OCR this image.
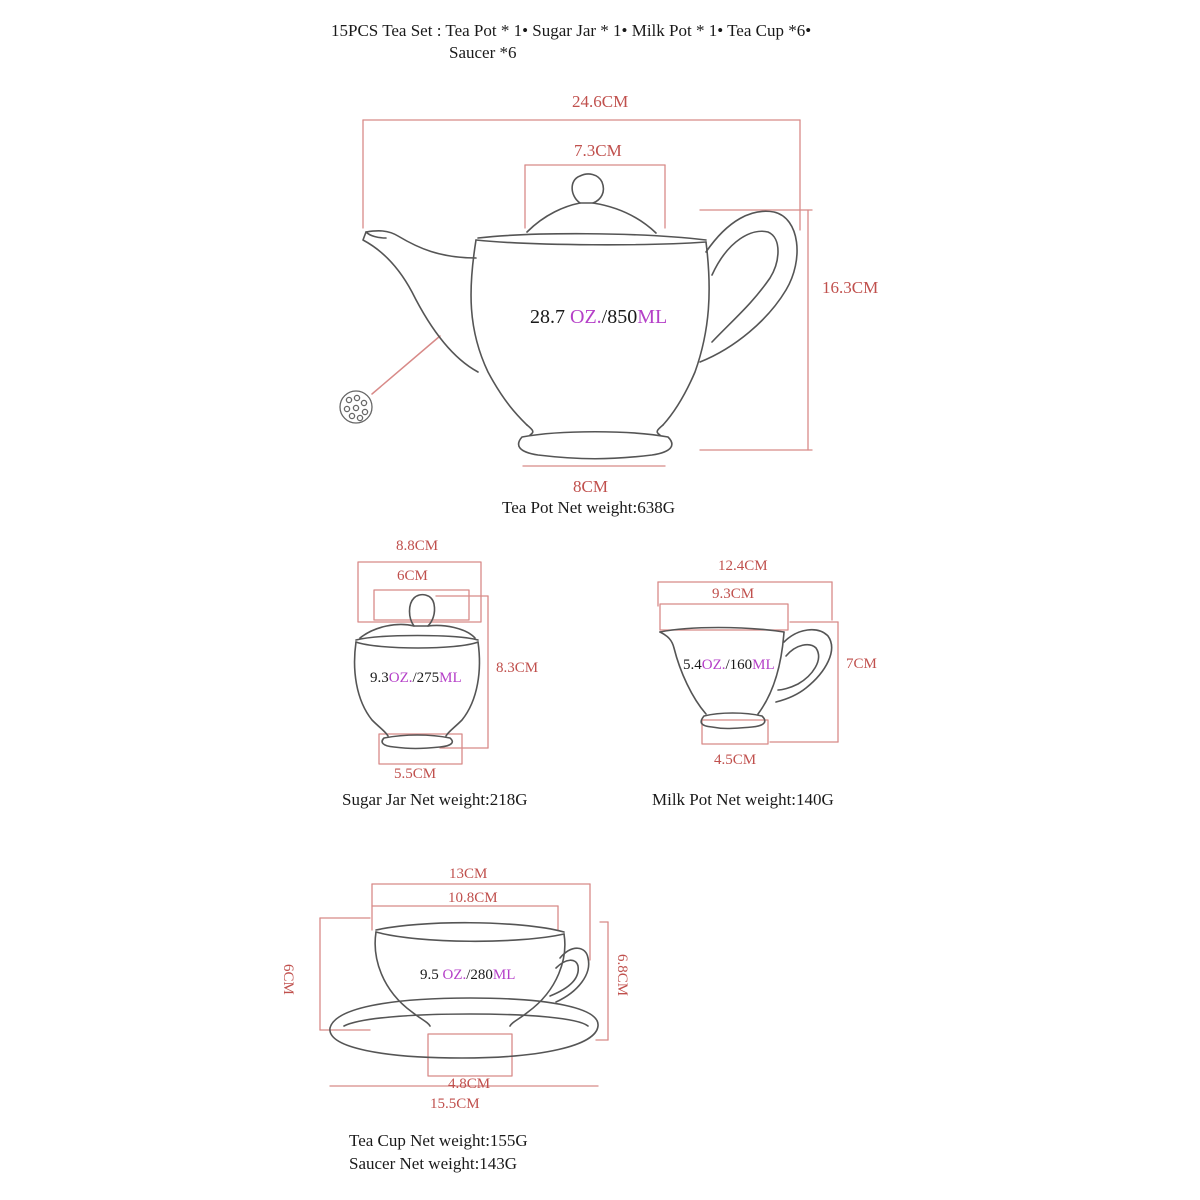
15PCS Tea Set : Tea Pot * 1• Sugar Jar * 1• Milk Pot * 1• Tea Cup *6•
Saucer *6
24.6CM
7.3CM
16.3CM
8CM
28.7 OZ./850ML
Tea Pot Net weight:638G
8.8CM
6CM
8.3CM
5.5CM
9.3OZ./275ML
Sugar Jar Net weight:218G
12.4CM
9.3CM
7CM
4.5CM
5.4OZ./160ML
Milk Pot Net weight:140G
13CM
10.8CM
6CM	6.8CM
4.8CM
15.5CM
9.5 OZ./280ML
Tea Cup Net weight:155G
Saucer Net weight:143G
